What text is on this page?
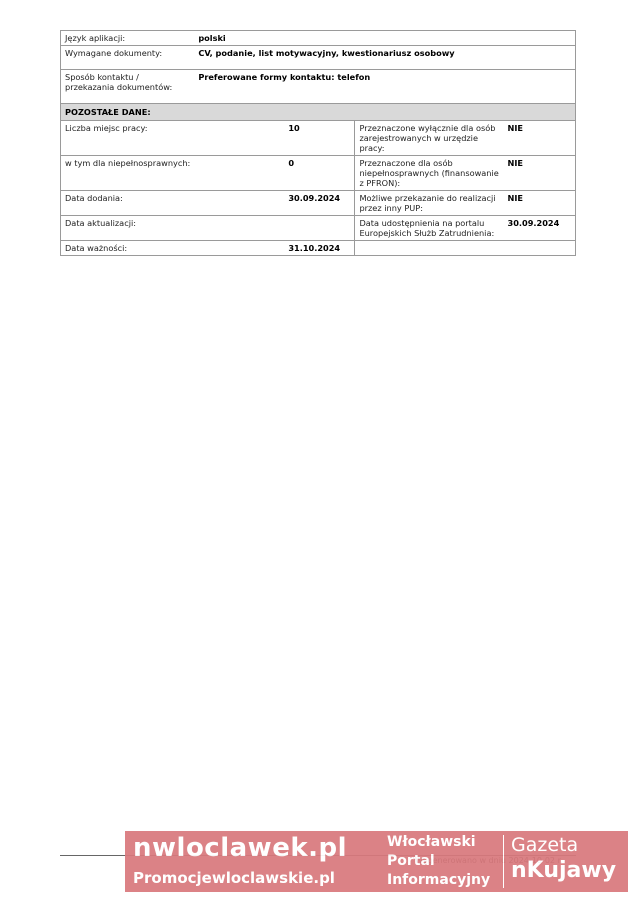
Język aplikacji:	polski		
Wymagane dokumenty:	CV, podanie, list motywacyjny, kwestionariusz osobowy		
Sposób kontaktu / przekazania dokumentów:	Preferowane formy kontaktu: telefon		
POZOSTAŁE DANE:			
Liczba miejsc pracy:	10	Przeznaczone wyłącznie dla osób zarejestrowanych w urzędzie pracy:	NIE
w tym dla niepełnosprawnych:	0	Przeznaczone dla osób niepełnosprawnych (finansowanie z PFRON):	NIE
Data dodania:	30.09.2024	Możliwe przekazanie do realizacji przez inny PUP:	NIE
Data aktualizacji:		Data udostępnienia na portalu Europejskich Służb Zatrudnienia:	30.09.2024
Data ważności:	31.10.2024		
nwloclawek.pl
Promocjewloclawskie.pl
Włocławski
Portal
Informacyjny
Gazeta
nKujawy
